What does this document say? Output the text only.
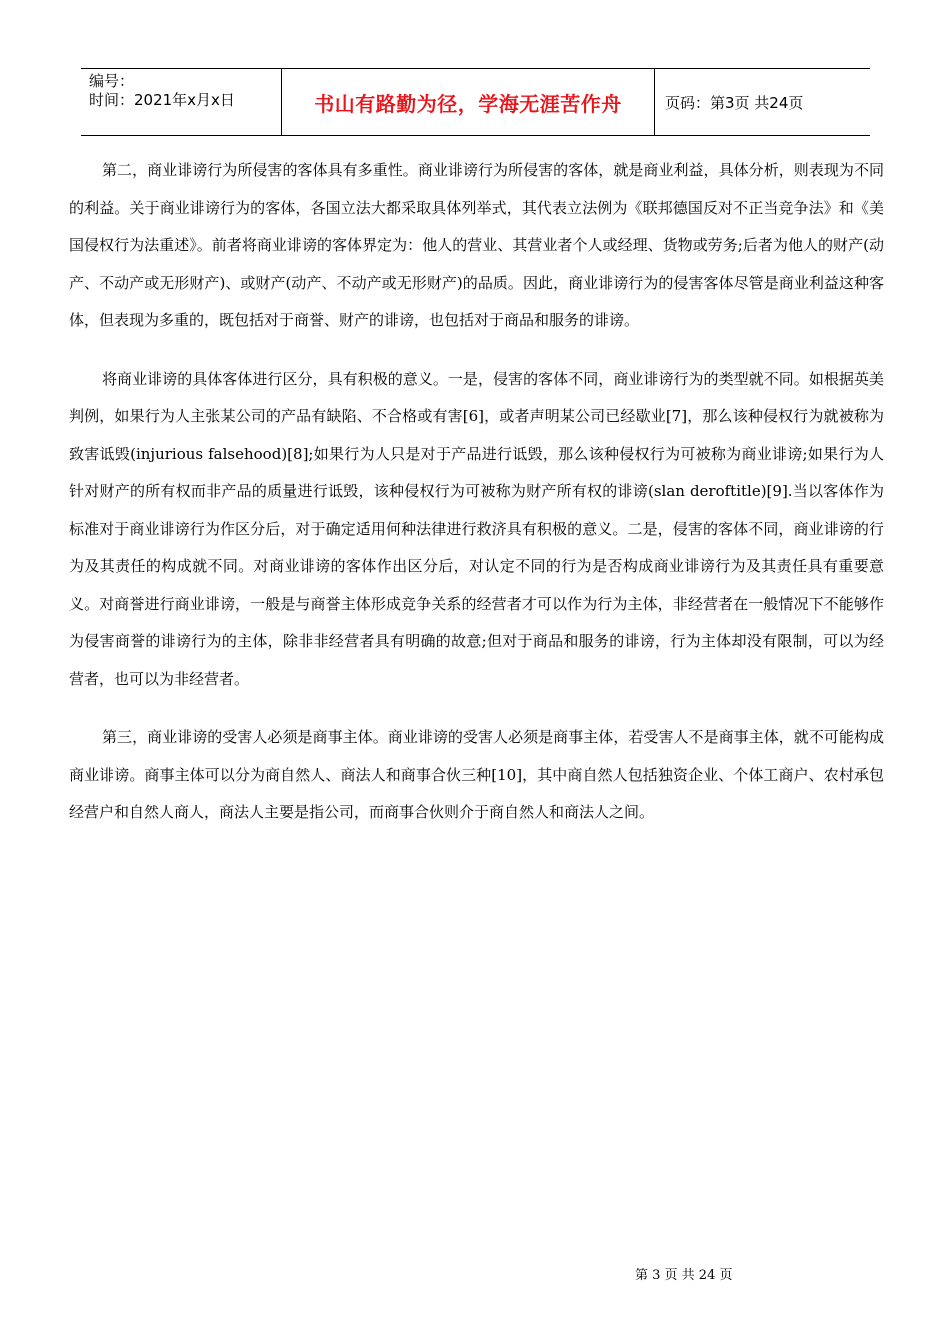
编号：
时间：2021年x月x日	书山有路勤为径，学海无涯苦作舟	页码：第3页 共24页

第二，商业诽谤行为所侵害的客体具有多重性。商业诽谤行为所侵害的客体，就是商业利益，具体分析，则表现为不同的利益。关于商业诽谤行为的客体，各国立法大都采取具体列举式，其代表立法例为《联邦德国反对不正当竞争法》和《美国侵权行为法重述》。前者将商业诽谤的客体界定为：他人的营业、其营业者个人或经理、货物或劳务;后者为他人的财产(动产、不动产或无形财产)、或财产(动产、不动产或无形财产)的品质。因此，商业诽谤行为的侵害客体尽管是商业利益这种客体，但表现为多重的，既包括对于商誉、财产的诽谤，也包括对于商品和服务的诽谤。

将商业诽谤的具体客体进行区分，具有积极的意义。一是，侵害的客体不同，商业诽谤行为的类型就不同。如根据英美判例，如果行为人主张某公司的产品有缺陷、不合格或有害[6]，或者声明某公司已经歇业[7]，那么该种侵权行为就被称为致害诋毁(injurious falsehood)[8];如果行为人只是对于产品进行诋毁，那么该种侵权行为可被称为商业诽谤;如果行为人针对财产的所有权而非产品的质量进行诋毁，该种侵权行为可被称为财产所有权的诽谤(slan deroftitle)[9].当以客体作为标准对于商业诽谤行为作区分后，对于确定适用何种法律进行救济具有积极的意义。二是，侵害的客体不同，商业诽谤的行为及其责任的构成就不同。对商业诽谤的客体作出区分后，对认定不同的行为是否构成商业诽谤行为及其责任具有重要意义。对商誉进行商业诽谤，一般是与商誉主体形成竞争关系的经营者才可以作为行为主体，非经营者在一般情况下不能够作为侵害商誉的诽谤行为的主体，除非非经营者具有明确的故意;但对于商品和服务的诽谤，行为主体却没有限制，可以为经营者，也可以为非经营者。

第三，商业诽谤的受害人必须是商事主体。商业诽谤的受害人必须是商事主体，若受害人不是商事主体，就不可能构成商业诽谤。商事主体可以分为商自然人、商法人和商事合伙三种[10]，其中商自然人包括独资企业、个体工商户、农村承包经营户和自然人商人，商法人主要是指公司，而商事合伙则介于商自然人和商法人之间。

第 3 页 共 24 页
